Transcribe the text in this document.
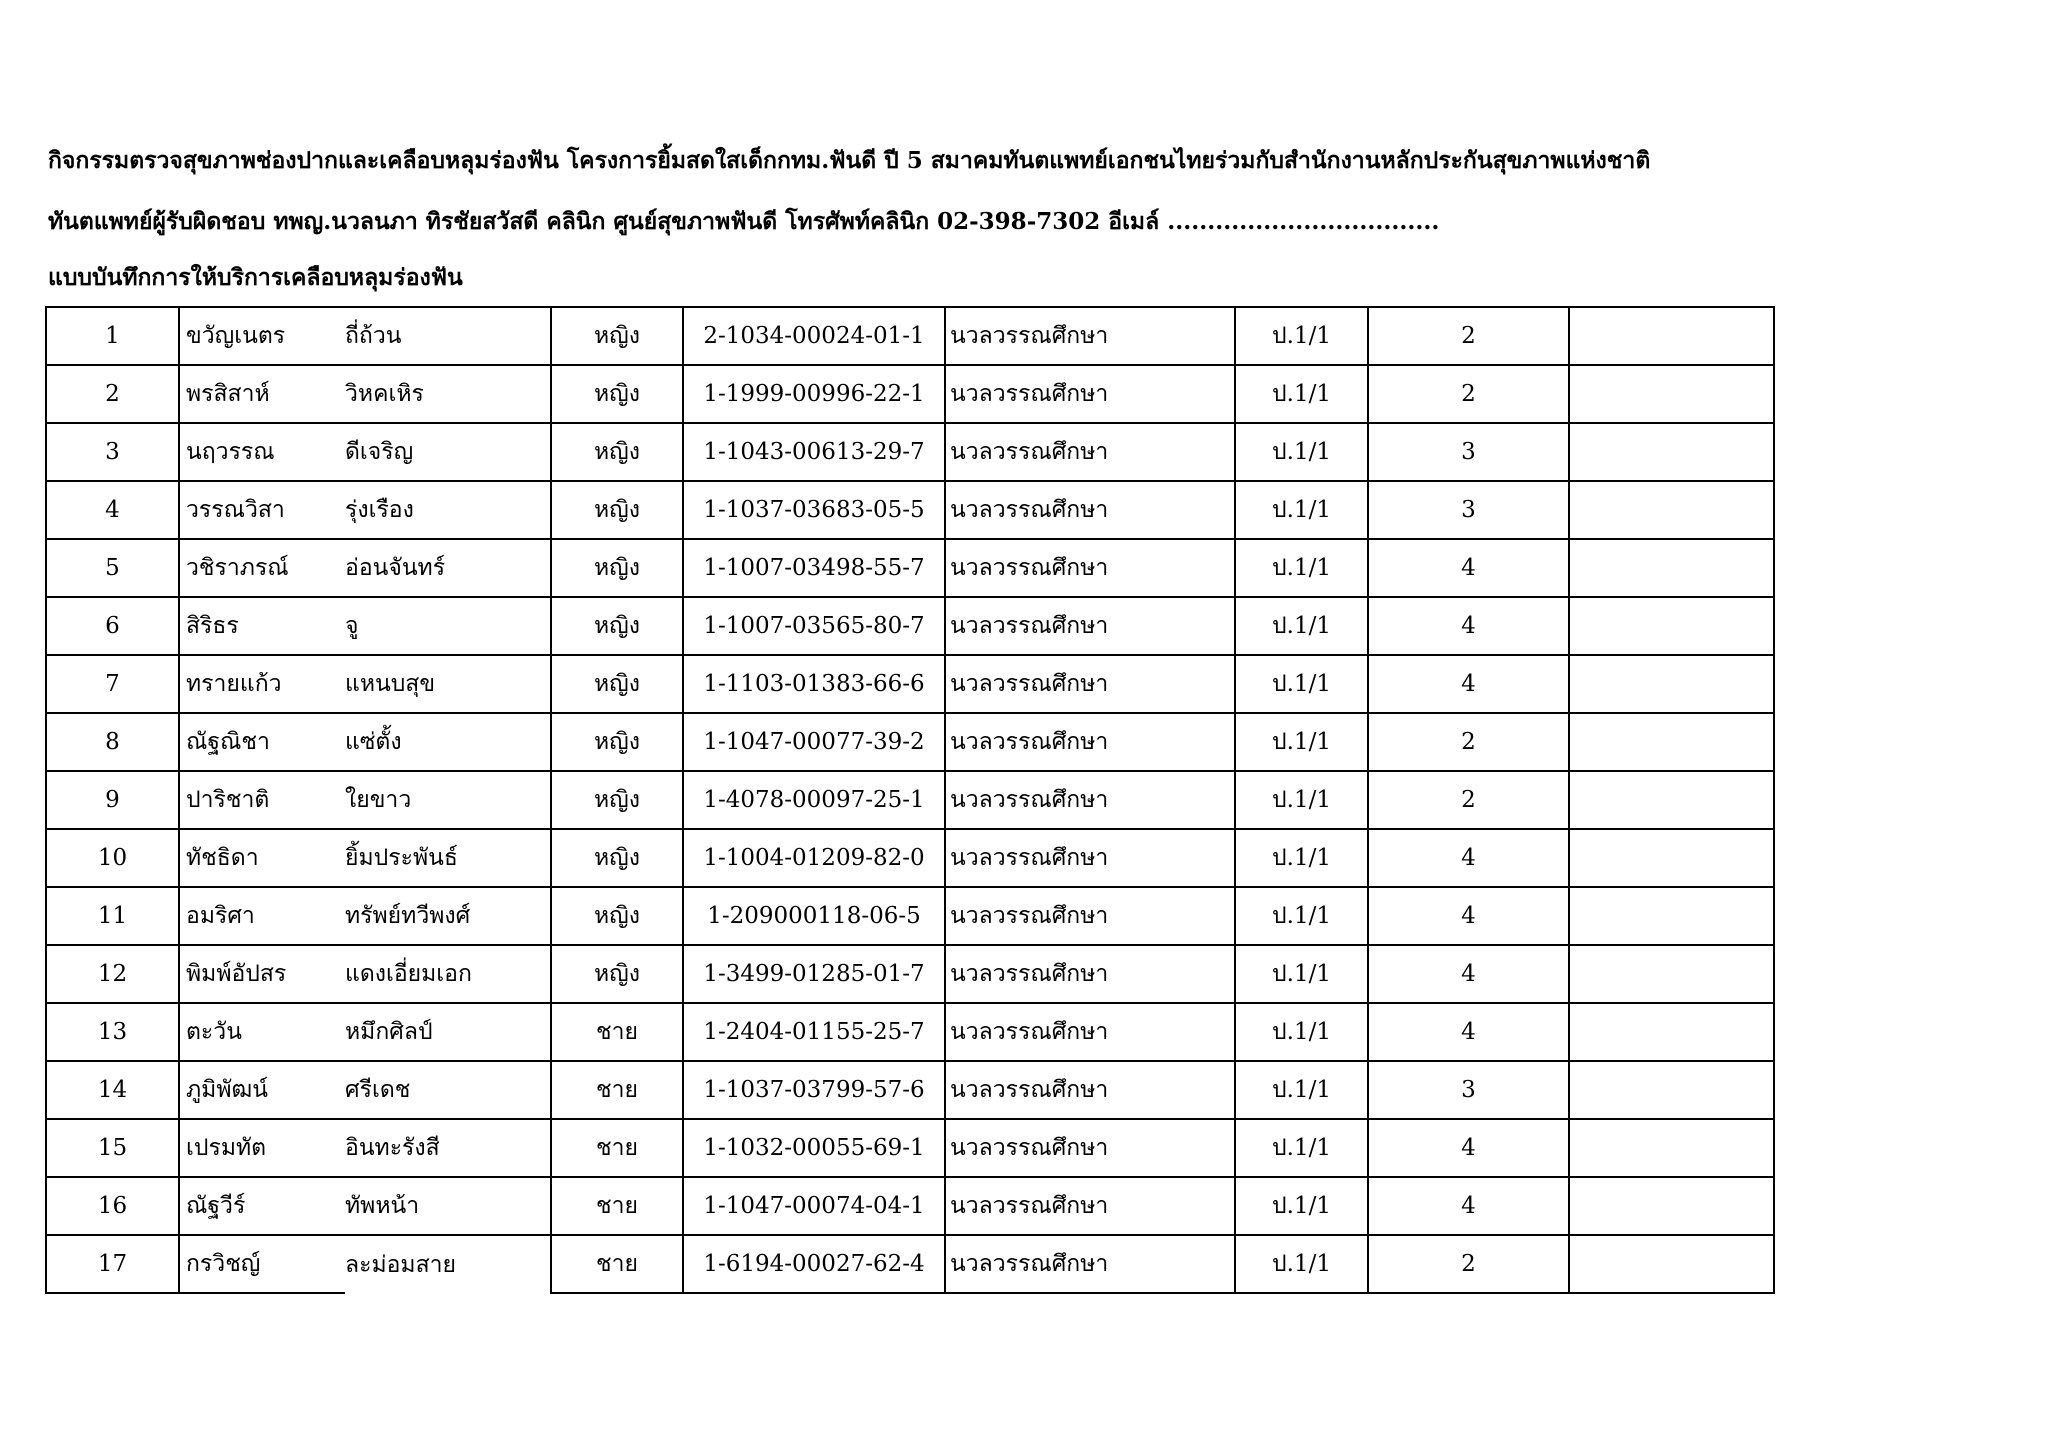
กิจกรรมตรวจสุขภาพช่องปากและเคลือบหลุมร่องฟัน โครงการยิ้มสดใสเด็กกทม.ฟันดี ปี 5 สมาคมทันตแพทย์เอกชนไทยร่วมกับสำนักงานหลักประกันสุขภาพแห่งชาติ
ทันตแพทย์ผู้รับผิดชอบ ทพญ.นวลนภา ทิรชัยสวัสดี คลินิก ศูนย์สุขภาพฟันดี โทรศัพท์คลินิก 02-398-7302 อีเมล์ ..................................
แบบบันทึกการให้บริการเคลือบหลุมร่องฟัน
1	ขวัญเนตร	ถี่ถ้วน	หญิง	2-1034-00024-01-1	นวลวรรณศึกษา	ป.1/1	2	
2	พรสิสาห์	วิหคเหิร	หญิง	1-1999-00996-22-1	นวลวรรณศึกษา	ป.1/1	2	
3	นฤวรรณ	ดีเจริญ	หญิง	1-1043-00613-29-7	นวลวรรณศึกษา	ป.1/1	3	
4	วรรณวิสา	รุ่งเรือง	หญิง	1-1037-03683-05-5	นวลวรรณศึกษา	ป.1/1	3	
5	วชิราภรณ์	อ่อนจันทร์	หญิง	1-1007-03498-55-7	นวลวรรณศึกษา	ป.1/1	4	
6	สิริธร	จู	หญิง	1-1007-03565-80-7	นวลวรรณศึกษา	ป.1/1	4	
7	ทรายแก้ว	แหนบสุข	หญิง	1-1103-01383-66-6	นวลวรรณศึกษา	ป.1/1	4	
8	ณัฐณิชา	แซ่ตั้ง	หญิง	1-1047-00077-39-2	นวลวรรณศึกษา	ป.1/1	2	
9	ปาริชาติ	ใยขาว	หญิง	1-4078-00097-25-1	นวลวรรณศึกษา	ป.1/1	2	
10	ทัชธิดา	ยิ้มประพันธ์	หญิง	1-1004-01209-82-0	นวลวรรณศึกษา	ป.1/1	4	
11	อมริศา	ทรัพย์ทวีพงศ์	หญิง	1-209000118-06-5	นวลวรรณศึกษา	ป.1/1	4	
12	พิมพ์อัปสร	แดงเอี่ยมเอก	หญิง	1-3499-01285-01-7	นวลวรรณศึกษา	ป.1/1	4	
13	ตะวัน	หมึกศิลป์	ชาย	1-2404-01155-25-7	นวลวรรณศึกษา	ป.1/1	4	
14	ภูมิพัฒน์	ศรีเดช	ชาย	1-1037-03799-57-6	นวลวรรณศึกษา	ป.1/1	3	
15	เปรมทัต	อินทะรังสี	ชาย	1-1032-00055-69-1	นวลวรรณศึกษา	ป.1/1	4	
16	ณัฐวีร์	ทัพหน้า	ชาย	1-1047-00074-04-1	นวลวรรณศึกษา	ป.1/1	4	
17	กรวิชญ์	ละม่อมสาย	ชาย	1-6194-00027-62-4	นวลวรรณศึกษา	ป.1/1	2	
